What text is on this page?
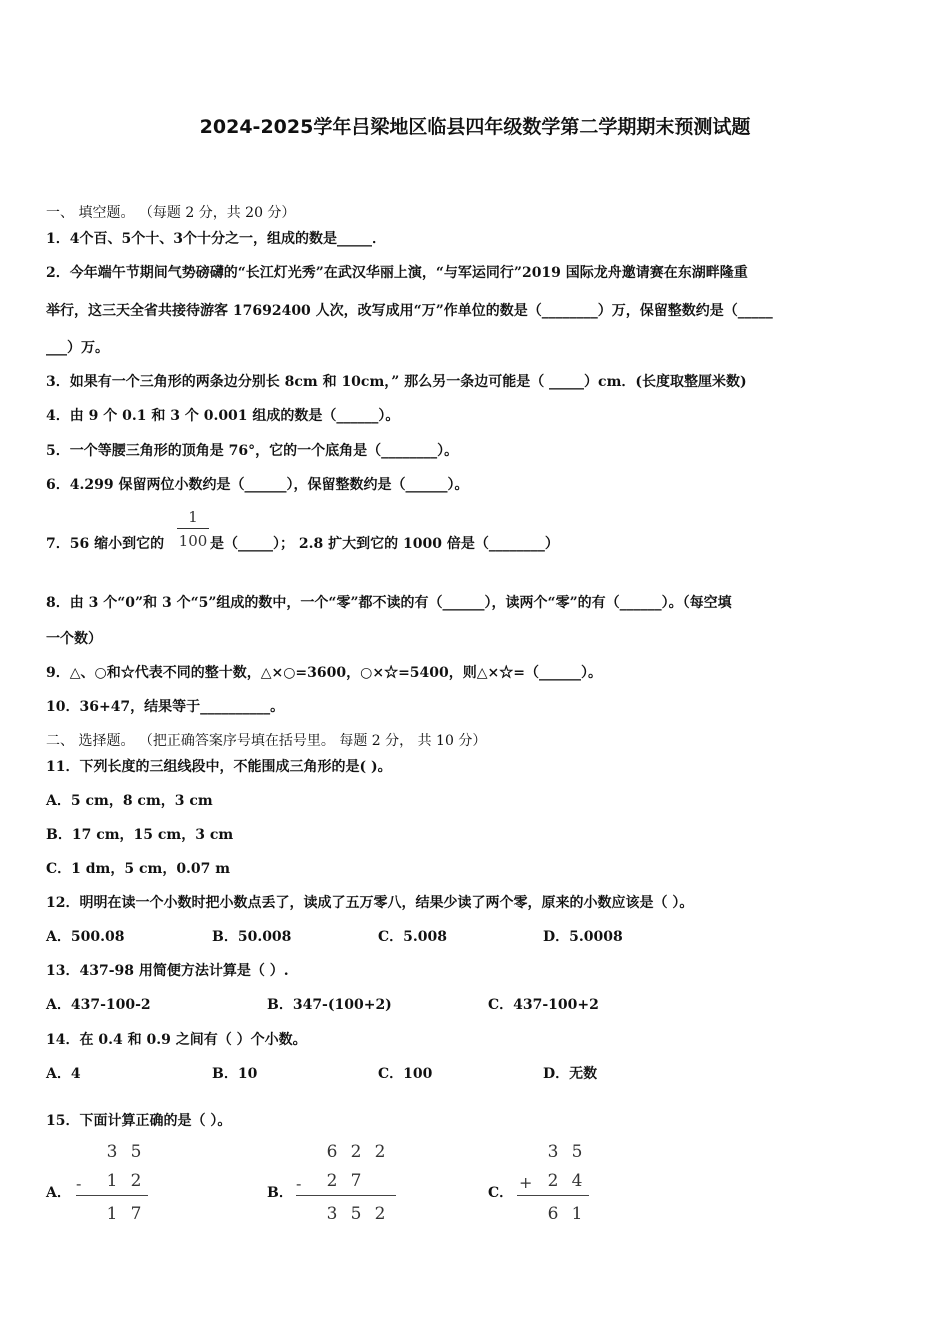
2024-2025学年吕梁地区临县四年级数学第二学期期末预测试题
一、 填空题。 （每题 2 分，共 20 分）
1．4个百、5个十、3个十分之一，组成的数是_____．
2．今年端午节期间气势磅礴的“长江灯光秀”在武汉华丽上演，“与军运同行”2019 国际龙舟邀请赛在东湖畔隆重
举行，这三天全省共接待游客 17692400 人次，改写成用“万”作单位的数是（________）万，保留整数约是（_____
___）万。
3．如果有一个三角形的两条边分别长 8cm 和 10cm，” 那么另一条边可能是（ _____）cm．(长度取整厘米数)
4．由 9 个 0.1 和 3 个 0.001 组成的数是（______）。
5．一个等腰三角形的顶角是 76°，它的一个底角是（________）。
6．4.299 保留两位小数约是（______），保留整数约是（______）。
7．56 缩小到它的
1
100 是（_____）； 2.8 扩大到它的 1000 倍是（________）
8．由 3 个“0”和 3 个“5”组成的数中，一个“零”都不读的有（______），读两个“零”的有（______）。（每空填
一个数）
9．△、○和☆代表不同的整十数，△×○=3600，○×☆=5400，则△×☆=（______）。
10．36+47，结果等于__________。
二、 选择题。 （把正确答案序号填在括号里。 每题 2 分， 共 10 分）
11．下列长度的三组线段中，不能围成三角形的是( )。
A．5 cm，8 cm，3 cm
B．17 cm，15 cm，3 cm
C．1 dm，5 cm，0.07 m
12．明明在读一个小数时把小数点丢了，读成了五万零八，结果少读了两个零，原来的小数应该是（ ）。
A．500.08	B．50.008	C．5.008	D．5.0008
13．437-98 用简便方法计算是（ ）.
A．437-100-2	B．347-(100+2)	C．437-100+2
14．在 0.4 和 0.9 之间有（ ）个小数。
A．4	B．10	C．100	D．无数
15．下面计算正确的是（ ）。
A．
3 5
-	1 2
1 7
B．
6 2 2
-	2 7
3 5 2
C．
3 5
+ 2 4
6 1
